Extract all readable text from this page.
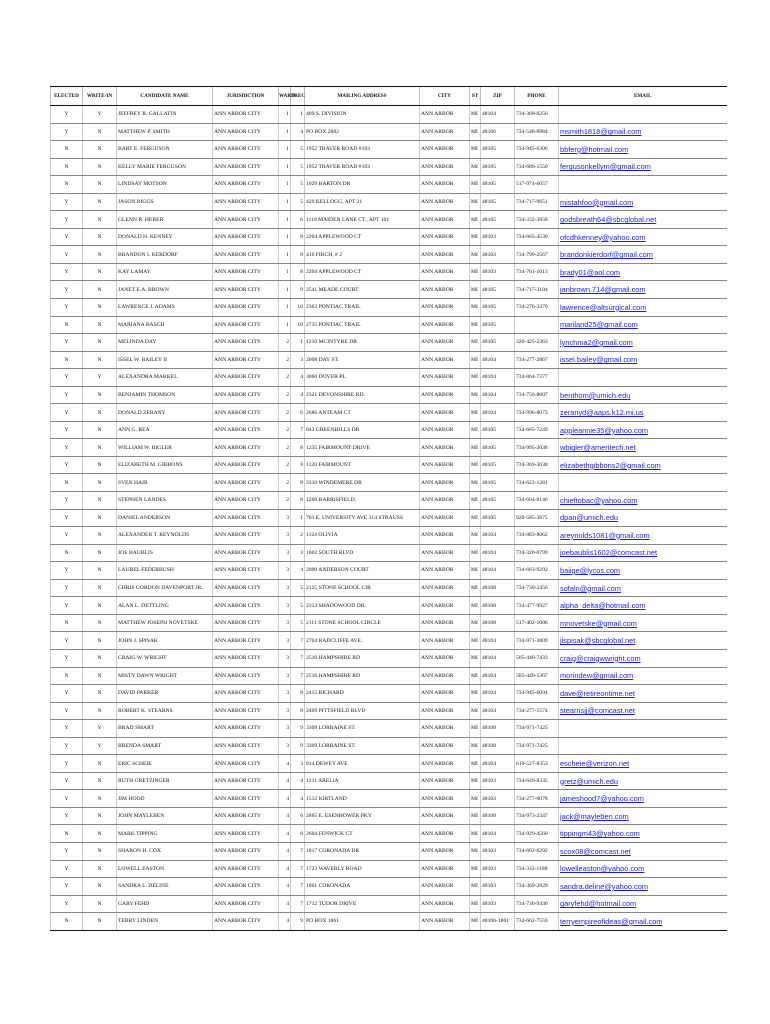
ELECTED	WRITE-IN	CANDIDATE NAME	JURISDICTION	WARD	PREC	MAILING ADDRESS	CITY	ST	ZIP	PHONE	EMAIL
Y	Y	JEFFREY R. GALLATIN	ANN ARBOR CITY	1	1	409 S. DIVISION	ANN ARBOR	MI	48104	734-368-0256	
Y	N	MATTHEW P. SMITH	ANN ARBOR CITY	1	4	PO BOX 2882	ANN ARBOR	MI	48106	734-548-0984	msmith1818@gmail.com
N	N	BART E. FERGUSON	ANN ARBOR CITY	1	5	1952 TRAVER ROAD #103	ANN ARBOR	MI	48105	734-945-6306	bbferg@hotmail.com
N	N	KELLY MARIE FERGUSON	ANN ARBOR CITY	1	5	1952 TRAVER ROAD #103	ANN ARBOR	MI	48105	734-686-1550	fergusonkellym@gmail.com
N	N	LINDSAY MOTSON	ANN ARBOR CITY	1	5	1029 BARTON DR	ANN ARBOR	MI	48105	517-974-6057	
Y	N	JASON RIGGS	ANN ARBOR CITY	1	5	420 KELLOGG, APT 21	ANN ARBOR	MI	48105	734-717-9651	mistahfoo@gmail.com
Y	N	GLENN R. HEBER	ANN ARBOR CITY	1	6	1118 MAIDEN LANE CT., APT 101	ANN ARBOR	MI	48105	734-332-3858	godsbreath64@sbcglobal.net
Y	N	DONALD H. KENNEY	ANN ARBOR CITY	1	8	2204 APPLEWOOD CT	ANN ARBOR	MI	48103	734-665-4530	ofcdhkenney@yahoo.com
Y	N	BRANDON I. KERDORF	ANN ARBOR CITY	1	8	416 FIRCH, # 2	ANN ARBOR	MI	48103	734-799-2567	brandonkierdorf@gmail.com
Y	N	KAY LAMAY	ANN ARBOR CITY	1	8	2204 APPLEWOOD CT	ANN ARBOR	MI	48103	734-761-1013	brady01@aol.com
Y	N	JANET E.A. BROWN	ANN ARBOR CITY	1	9	2541 MEADE COURT	ANN ARBOR	MI	48105	734-717-3104	janbrown.714@gmail.com
Y	N	LAWRENCE J. ADAMS	ANN ARBOR CITY	1	10	2363 PONTIAC TRAIL	ANN ARBOR	MI	48105	734-276-3370	lawrence@altsurgical.com
N	N	MARIANA BASCH	ANN ARBOR CITY	1	10	2735 PONTIAC TRAIL	ANN ARBOR	MI	48105		mariland25@gmail.com
Y	N	MELINDA DAY	ANN ARBOR CITY	2	1	1210 MCINTYRE DR	ANN ARBOR	MI	48105	320-425-2363	lynchma2@gmail.com
N	N	ISSEL W. BAILEY II	ANN ARBOR CITY	2	3	2008 DAY ST.	ANN ARBOR	MI	48104	734-277-2867	issel.bailey@gmail.com
Y	Y	ALEXANDRA MARKEL	ANN ARBOR CITY	2	4	3060 DOVER PL	ANN ARBOR	MI	48104	734-864-7377	
Y	N	BENJAMIN THOMSON	ANN ARBOR CITY	2	4	2321 DEVONSHIRE RD.	ANN ARBOR	MI	48104	734-756-8607	benthom@umich.edu
Y	N	DONALD ZERANY	ANN ARBOR CITY	2	6	2686 ANTEAM CT	ANN ARBOR	MI	48104	734-996-8073	zeranyd@aaps.k12.mi.us
Y	N	ANN G. REA	ANN ARBOR CITY	2	7	843 GREENHILLS DR	ANN ARBOR	MI	48105	734-665-7249	appleannie35@yahoo.com
Y	N	WILLIAM W. BIGLER	ANN ARBOR CITY	2	8	1235 FAIRMOUNT DRIVE	ANN ARBOR	MI	48105	734-995-2038	wbigler@ameritech.net
Y	N	ELIZABETH M. GIBBONS	ANN ARBOR CITY	2	8	1120 FAIRMOUNT	ANN ARBOR	MI	48105	734-369-3038	elizabethgibbons2@gmail.com
N	N	SVEN HAIR	ANN ARBOR CITY	2	8	3310 WINDEMERE DR	ANN ARBOR	MI	48105	734-623-1281	
Y	N	STEPHEN LANDES	ANN ARBOR CITY	2	8	1260 BARRISFIELD.	ANN ARBOR	MI	48105	734-604-8146	chieftobac@yahoo.com
Y	N	DANIEL ANDERSON	ANN ARBOR CITY	3	1	701 E. UNIVERSITY AVE 314 STRAUSS	ANN ARBOR	MI	48105	920-585-3875	dpan@umich.edu
Y	N	ALEXANDER T. REYNOLDS	ANN ARBOR CITY	3	2	1124 OLIVIA	ANN ARBOR	MI	48104	734-883-8062	areynolds1081@gmail.com
N	N	JOE BAUBLIS	ANN ARBOR CITY	3	3	1602 SOUTH BLVD	ANN ARBOR	MI	48104	734-320-0799	joebaublis1602@comcast.net
Y	N	LAUREL FEDERBUSH	ANN ARBOR CITY	3	4	2000 ANDERSON COURT	ANN ARBOR	MI	48104	734-663-9292	baiige@lycos.com
Y	N	CHRIS GORDON DAVENPORT JR.	ANN ARBOR CITY	3	5	2125 STONE SCHOOL CIR	ANN ARBOR	MI	48108	734-730-2456	sofaln@gmail.com
Y	N	ALAN L. DETTLING	ANN ARBOR CITY	3	5	2312 SHADOWOOD DR.	ANN ARBOR	MI	48108	734-477-9927	alpha_delta@hotmail.com
N	N	MATTHEW JOSEPH NOVETSKE	ANN ARBOR CITY	3	5	2111 STONE SCHOOL CIRCLE	ANN ARBOR	MI	48108	517-402-1006	mnovetske@gmail.com
Y	N	JOHN J. SPISAK	ANN ARBOR CITY	3	7	2704 RADCLIFFE AVE.	ANN ARBOR	MI	48104	734-971-3809	jlspisak@sbcglobal.net
Y	N	CRAIG W. WRIGHT	ANN ARBOR CITY	3	7	2510 HAMPSHIRE RD	ANN ARBOR	MI	48104	505-440-7433	craig@craigwwright.com
N	N	MISTY DAWN WRIGHT	ANN ARBOR CITY	3	7	2510 HAMPSHIRE RD	ANN ARBOR	MI	48104	505-440-5367	morindew@gmail.com
Y	N	DAVID PARKER	ANN ARBOR CITY	3	8	2415 RICHARD	ANN ARBOR	MI	48104	734-945-6094	dave@retireontime.net
Y	N	ROBERT K. STEARNS	ANN ARBOR CITY	3	8	2409 PITTSFIELD BLVD	ANN ARBOR	MI	48104	734-277-1574	stearnsjj@comcast.net
Y	Y	BRAD SMART	ANN ARBOR CITY	3	9	3309 LORRAINE ST.	ANN ARBOR	MI	48108	734-971-7425	
Y	Y	BRENDA SMART	ANN ARBOR CITY	3	9	3309 LORRAINE ST.	ANN ARBOR	MI	48108	734-971-7425	
Y	N	ERIC SCHEIE	ANN ARBOR CITY	4	3	814 DEWEY AVE	ANN ARBOR	MI	48104	610-527-8353	escheie@verizon.net
Y	N	RUTH GRETZINGER	ANN ARBOR CITY	4	4	1211 ARELIA	ANN ARBOR	MI	48103	734-649-8335	gretz@umich.edu
Y	N	JIM HOOD	ANN ARBOR CITY	4	4	1512 KIRTLAND	ANN ARBOR	MI	48103	734-277-0078	jameshood7@yahoo.com
Y	N	JOHN MAYLEBEN	ANN ARBOR CITY	4	6	2865 E. ESENHOWER PKY	ANN ARBOR	MI	48108	734-973-2347	jack@mayleben.com
N	N	MARK TIPPING	ANN ARBOR CITY	4	6	2604 FENWICK CT	ANN ARBOR	MI	48104	734-929-4560	tippingm43@yahoo.com
Y	N	SHARON H. COX	ANN ARBOR CITY	4	7	1817 CORONADA DR	ANN ARBOR	MI	48103	734-662-6292	scox08@comcast.net
Y	N	LOWELL EASTON	ANN ARBOR CITY	4	7	1723 WAVERLY ROAD	ANN ARBOR	MI	48103	734-332-1188	lowelleaston@yahoo.com
Y	N	SANDRA L. DELINE	ANN ARBOR CITY	4	7	1801 CORONADA	ANN ARBOR	MI	48103	734-369-2829	sandra.deline@yahoo.com
Y	N	GARY FEHD	ANN ARBOR CITY	4	7	1712 TUDOR DRIVE	ANN ARBOR	MI	48103	734-730-9436	garyfehd@hotmail.com
N	N	TERRY LINDEN	ANN ARBOR CITY	4	9	PO BOX 1861	ANN ARBOR	MI	48106-1861	734-662-7559	terryempireofideas@gmail.com
